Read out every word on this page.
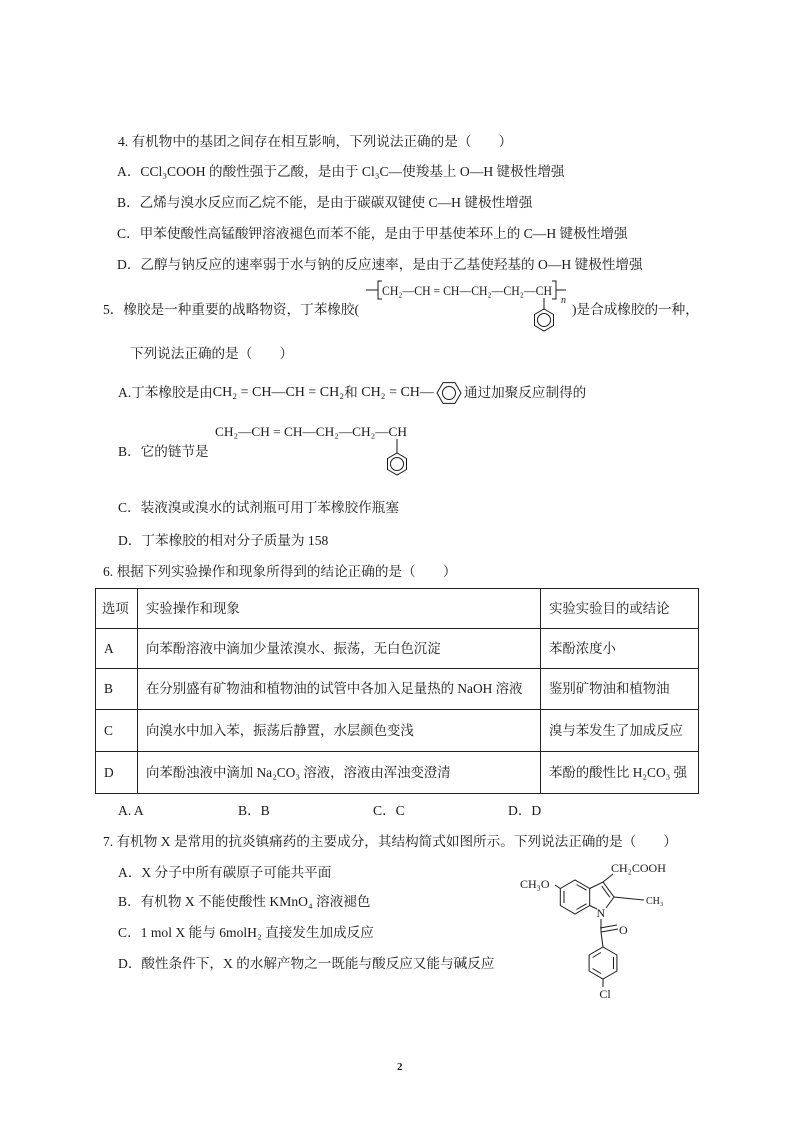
4. 有机物中的基团之间存在相互影响，下列说法正确的是（　　）
A．CCl₃COOH 的酸性强于乙酸，是由于 Cl₃C—使羧基上 O—H 键极性增强
B．乙烯与溴水反应而乙烷不能，是由于碳碳双键使 C—H 键极性增强
C．甲苯使酸性高锰酸钾溶液褪色而苯不能，是由于甲基使苯环上的 C—H 键极性增强
D．乙醇与钠反应的速率弱于水与钠的反应速率，是由于乙基使羟基的 O—H 键极性增强
CH₂—CH = CH—CH₂—CH₂—CH
n
5．橡胶是一种重要的战略物资，丁苯橡胶(	)是合成橡胶的一种，
下列说法正确的是（　　）
A.丁苯橡胶是由 CH₂ = CH—CH = CH₂ 和 CH₂ = CH— 通过加聚反应制得的
CH₂—CH = CH—CH₂—CH₂—CH
B．它的链节是
C．装液溴或溴水的试剂瓶可用丁苯橡胶作瓶塞
D．丁苯橡胶的相对分子质量为 158
6. 根据下列实验操作和现象所得到的结论正确的是（　　）
选项	实验操作和现象	实验实验目的或结论
A	向苯酚溶液中滴加少量浓溴水、振荡，无白色沉淀	苯酚浓度小
B	在分别盛有矿物油和植物油的试管中各加入足量热的 NaOH 溶液	鉴别矿物油和植物油
C	向溴水中加入苯，振荡后静置，水层颜色变浅	溴与苯发生了加成反应
D	向苯酚浊液中滴加 Na₂CO₃ 溶液，溶液由浑浊变澄清	苯酚的酸性比 H₂CO₃ 强
A. A	B．B	C．C	D．D
7. 有机物 X 是常用的抗炎镇痛药的主要成分，其结构简式如图所示。下列说法正确的是（　　）
A．X 分子中所有碳原子可能共平面
B．有机物 X 不能使酸性 KMnO₄ 溶液褪色
C．1 mol X 能与 6molH₂ 直接发生加成反应
D．酸性条件下，X 的水解产物之一既能与酸反应又能与碱反应
N
CH₂COOH
CH₃
CH₃O
O
Cl
2
